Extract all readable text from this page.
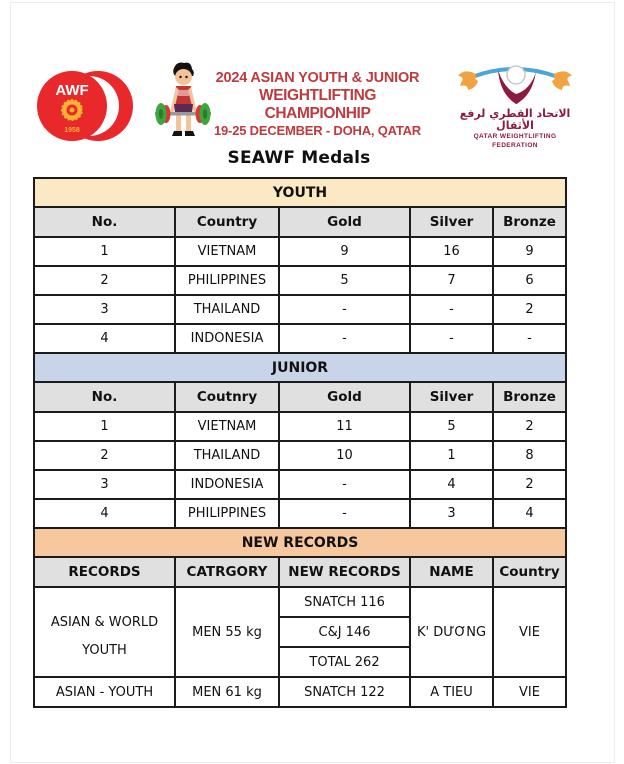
AWF
1958
2024 ASIAN YOUTH & JUNIOR
WEIGHTLIFTING CHAMPIONHIP
19-25 DECEMBER - DOHA, QATAR
الاتحاد القطري لرفع الأثقال
QATAR WEIGHTLIFTING FEDERATION
SEAWF Medals
YOUTH				
No.	Country	Gold	Silver	Bronze
1	VIETNAM	9	16	9
2	PHILIPPINES	5	7	6
3	THAILAND	-	-	2
4	INDONESIA	-	-	-
JUNIOR				
No.	Coutnry	Gold	Silver	Bronze
1	VIETNAM	11	5	2
2	THAILAND	10	1	8
3	INDONESIA	-	4	2
4	PHILIPPINES	-	3	4
NEW RECORDS				
RECORDS	CATRGORY	NEW RECORDS	NAME	Country

ASIAN & WORLD
YOUTH	MEN 55 kg	SNATCH 116	K' DƯƠNG	VIE
		C&J 146		
		TOTAL 262		
ASIAN - YOUTH	MEN 61 kg	SNATCH 122	A TIEU	VIE
